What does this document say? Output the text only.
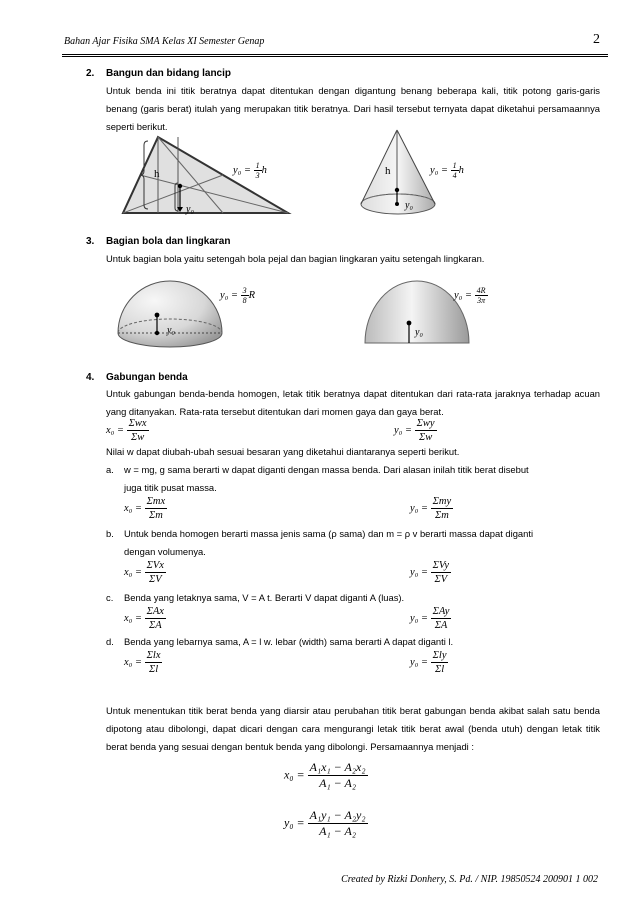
Bahan Ajar Fisika SMA Kelas XI Semester Genap	2
2. Bangun dan bidang lancip
Untuk benda ini titik beratnya dapat ditentukan dengan digantung benang beberapa kali, titik potong garis-garis benang (garis berat) itulah yang merupakan titik beratnya. Dari hasil tersebut ternyata dapat diketahui persamaannya seperti berikut.
h
y₀
$y_0 = \frac{1}{3}$ h	h
y₀
$y_0 = \frac{1}{4}$ h
3. Bagian bola dan lingkaran
Untuk bagian bola yaitu setengah bola pejal dan bagian lingkaran yaitu setengah lingkaran.
y₀
$y_0 = \frac{3}{8}$ R
y₀
$y_0 = \frac{4R}{3\pi}$
4. Gabungan benda
Untuk gabungan benda-benda homogen, letak titik beratnya dapat ditentukan dari rata-rata jaraknya terhadap acuan yang ditanyakan. Rata-rata tersebut ditentukan dari momen gaya dan gaya berat.
$x_0 = \frac{\text{Σwx}}{\Sigma w}$	$y_0 = \frac{\text{Σwy}}{\Sigma w}$
Nilai w dapat diubah-ubah sesuai besaran yang diketahui diantaranya seperti berikut.
a. w = mg, g sama berarti w dapat diganti dengan massa benda. Dari alasan inilah titik berat disebut
juga titik pusat massa.
$x_0 = \frac{\text{Σmx}}{\Sigma m}$	$y_0 = \frac{\text{Σmy}}{\Sigma m}$
b. Untuk benda homogen berarti massa jenis sama (ρ sama) dan m = ρ v berarti massa dapat diganti
dengan volumenya.
$x_0 = \frac{\text{ΣVx}}{\Sigma V}$	$y_0 = \frac{\text{ΣVy}}{\Sigma V}$
c. Benda yang letaknya sama, V = A t. Berarti V dapat diganti A (luas).
$x_0 = \frac{\text{ΣAx}}{\Sigma A}$	$y_0 = \frac{\text{ΣAy}}{\Sigma A}$
d. Benda yang lebarnya sama, A = l w. lebar (width) sama berarti A dapat diganti l.
$x_0 = \frac{\text{Σlx}}{\Sigma l}$	$y_0 = \frac{\text{Σly}}{\Sigma l}$
Untuk menentukan titik berat benda yang diarsir atau perubahan titik berat gabungan benda akibat salah satu benda dipotong atau dibolongi, dapat dicari dengan cara mengurangi letak titik berat awal (benda utuh) dengan letak titik berat benda yang sesuai dengan bentuk benda yang dibolongi. Persamaannya menjadi :
$x_0 = \frac{\text{A₁x₁ − A₂x₂}}{\text{A₁ − A₂}}$
$y_0 = \frac{\text{A₁y₁ − A₂y₂}}{\text{A₁ − A₂}}$
Created by Rizki Donhery, S. Pd. / NIP. 19850524 200901 1 002
